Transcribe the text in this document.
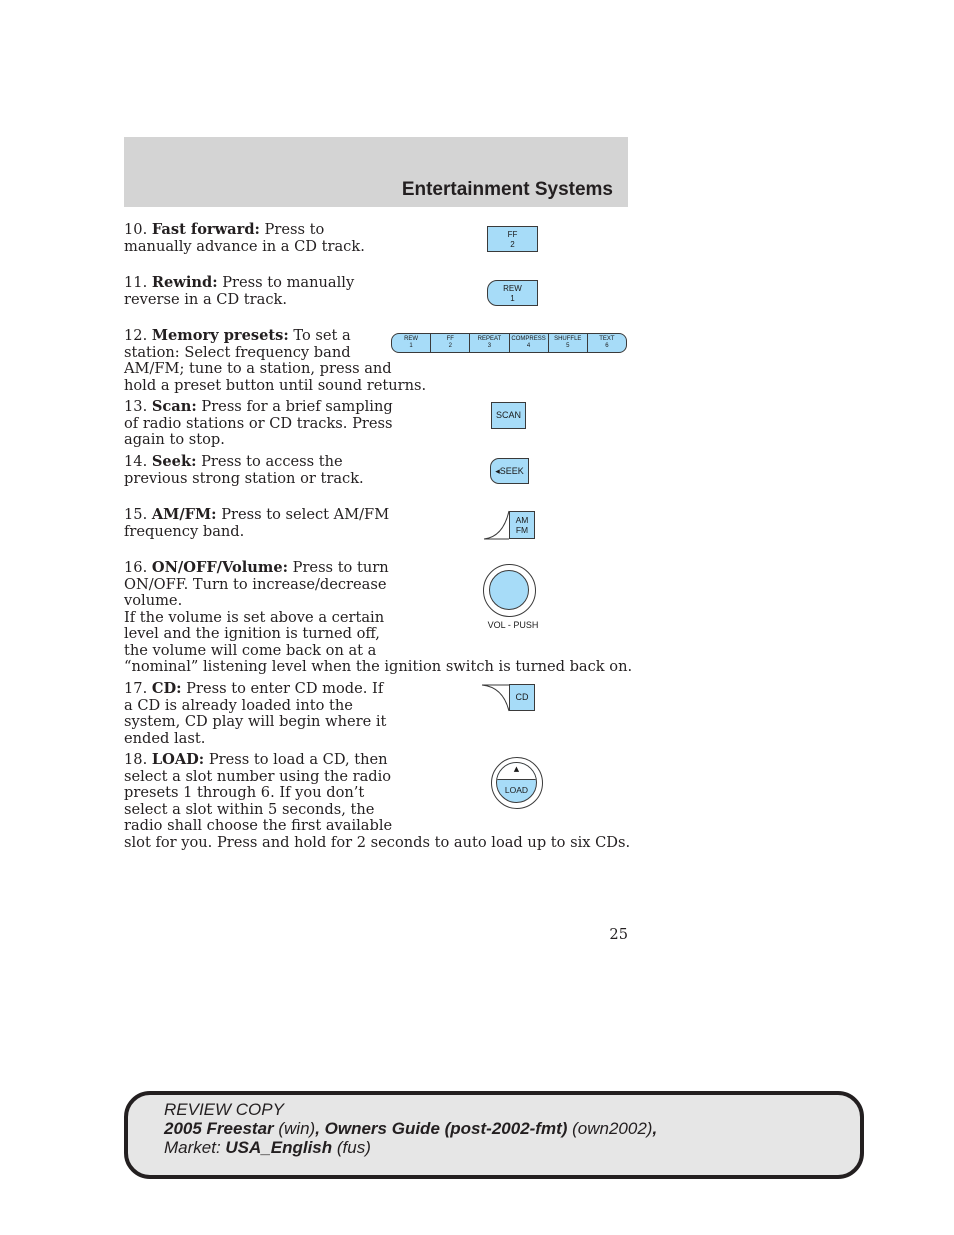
Entertainment Systems
10. Fast forward: Press to
manually advance in a CD track.
FF
2
11. Rewind: Press to manually
reverse in a CD track.
REW
1
12. Memory presets: To set a
station: Select frequency band
AM/FM; tune to a station, press and
hold a preset button until sound returns.
REW
1
FF
2
REPEAT
3
COMPRESS
4
SHUFFLE
5
TEXT
6
13. Scan: Press for a brief sampling
of radio stations or CD tracks. Press
again to stop.
SCAN
14. Seek: Press to access the
previous strong station or track.	◂SEEK
15. AM/FM: Press to select AM/FM
frequency band.
AM
FM
16. ON/OFF/Volume: Press to turn
ON/OFF. Turn to increase/decrease
volume.
If the volume is set above a certain
level and the ignition is turned off,
the volume will come back on at a
“nominal” listening level when the ignition switch is turned back on.
VOL - PUSH
17. CD: Press to enter CD mode. If
a CD is already loaded into the
system, CD play will begin where it
ended last.
CD
18. LOAD: Press to load a CD, then
select a slot number using the radio
presets 1 through 6. If you don’t
select a slot within 5 seconds, the
radio shall choose the first available
slot for you. Press and hold for 2 seconds to auto load up to six CDs.
▲
LOAD
25
REVIEW COPY
2005 Freestar (win), Owners Guide (post-2002-fmt) (own2002),
Market: USA_English (fus)
